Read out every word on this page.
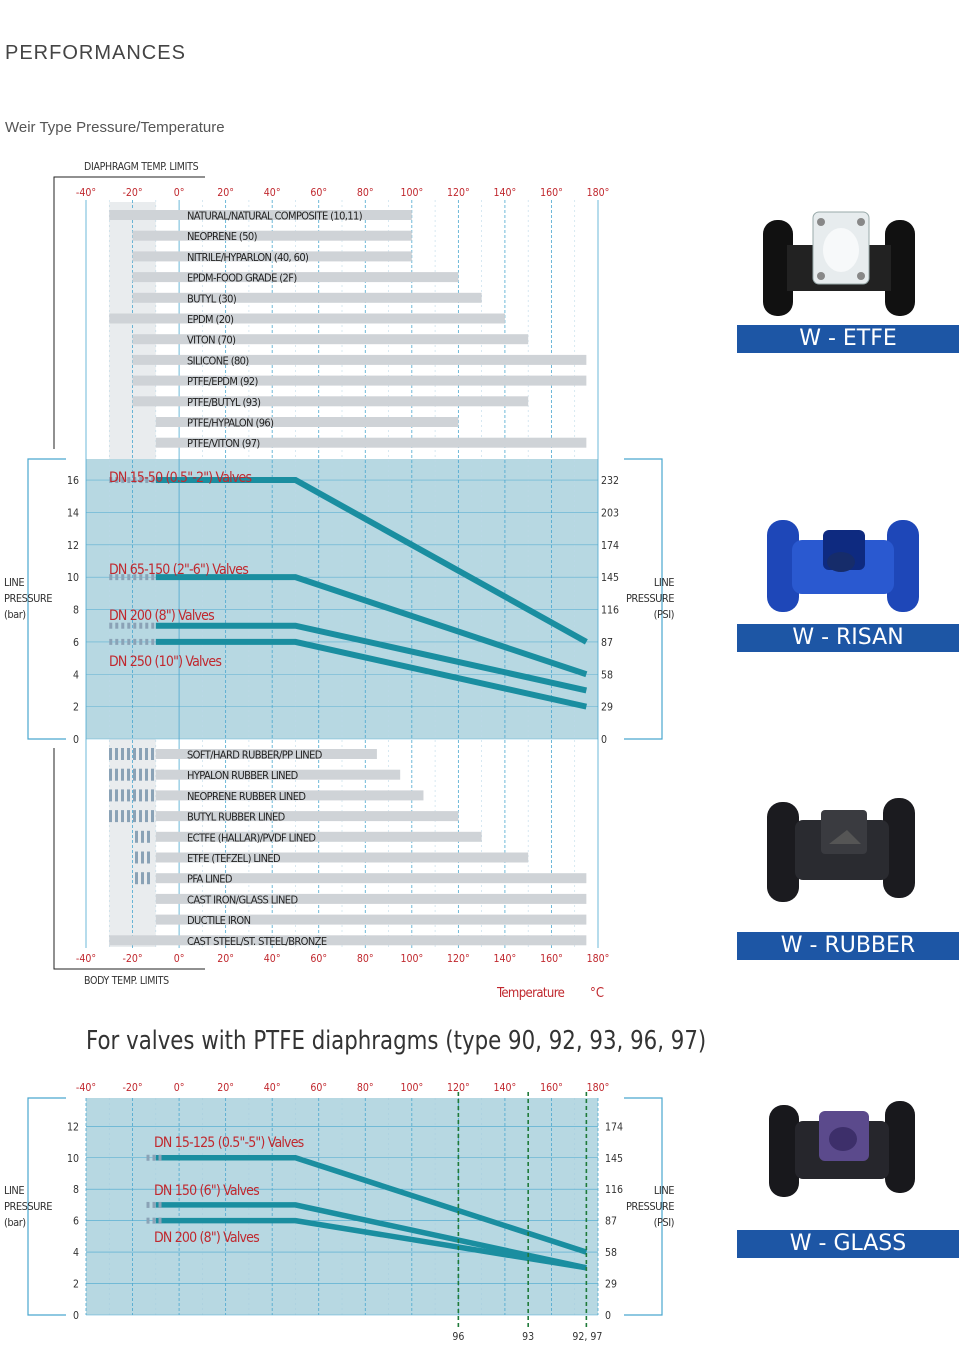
PERFORMANCES
Weir Type Pressure/Temperature
For valves with PTFE diaphragms (type 90, 92, 93, 96, 97)
DIAPHRAGM TEMP. LIMITS
-40°	-20°	0°	20°	40°	60°	80°	100° 120° 140° 160° 180°
NATURAL/NATURAL COMPOSITE (10,11)
NEOPRENE (50)
NITRILE/HYPARLON (40, 60)
EPDM-FOOD GRADE (2F)
BUTYL (30)
EPDM (20)
VITON (70)
SILICONE (80)
PTFE/EPDM (92)
PTFE/BUTYL (93)
PTFE/HYPALON (96)
PTFE/VITON (97)
0	0
2	29
4	58
6	87
8	116
10	145
12	174
14	203
16	232
LINE
PRESSURE
(bar)
LINE
PRESSURE
(PSI)
DN 15-50 (0.5"-2") Valves
DN 65-150 (2"-6") Valves
DN 200 (8") Valves
DN 250 (10") Valves
SOFT/HARD RUBBER/PP LINED
HYPALON RUBBER LINED
NEOPRENE RUBBER LINED
BUTYL RUBBER LINED
ECTFE (HALLAR)/PVDF LINED
ETFE (TEFZEL) LINED
PFA LINED
CAST IRON/GLASS LINED
DUCTILE IRON
CAST STEEL/ST. STEEL/BRONZE
-40°	-20°	0°	20°	40°	60°	80°	100° 120° 140° 160° 180°
BODY TEMP. LIMITS
Temperature °C
0	0
2	29
4	58
6	87
8	116
10	145
12	174
-40°	-20°	0°	20°	40°	60°	80°	100° 120° 140° 160° 180°
LINE
PRESSURE
(bar)
LINE
PRESSURE
(PSI)
DN 15-125 (0.5"-5") Valves
DN 150 (6") Valves
DN 200 (8") Valves
96	93	92, 97
W - ETFE
W - RISAN
W - RUBBER
W - GLASS
